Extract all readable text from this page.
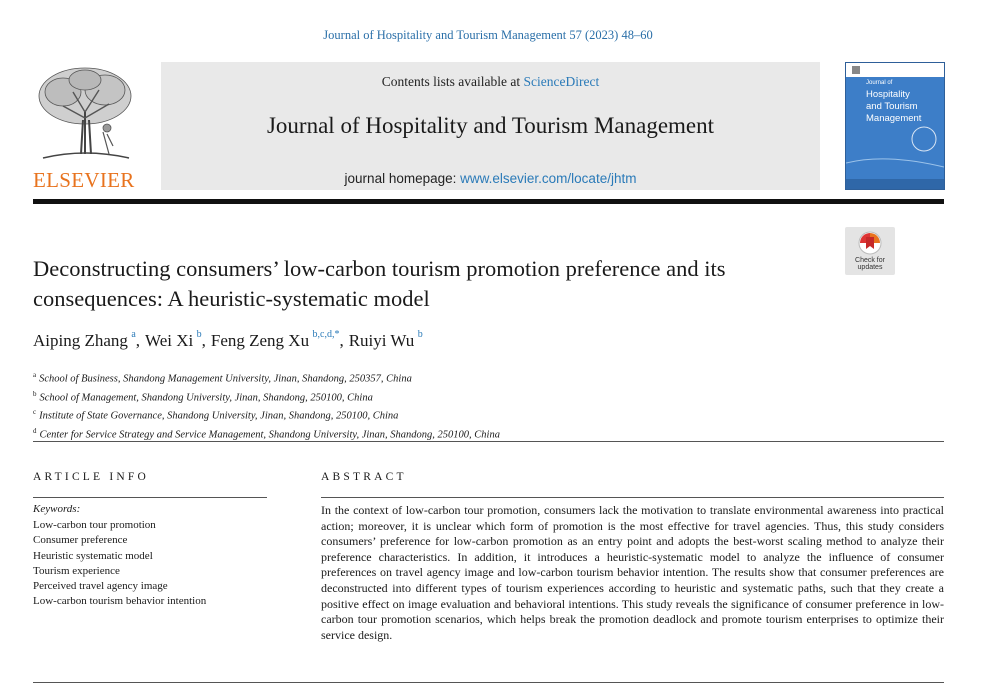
Journal of Hospitality and Tourism Management 57 (2023) 48–60
ELSEVIER
Contents lists available at ScienceDirect
Journal of Hospitality and Tourism Management
journal homepage: www.elsevier.com/locate/jhtm
Journal of
Hospitality
and Tourism
Management
Check for updates
Deconstructing consumers’ low-carbon tourism promotion preference and its consequences: A heuristic-systematic model
Aiping Zhang  $^a$, Wei Xi  $^b$, Feng Zeng Xu  $^{b,c,d,*}$, Ruiyi Wu  $^b$
$^a$ School of Business, Shandong Management University, Jinan, Shandong, 250357, China
$^b$ School of Management, Shandong University, Jinan, Shandong, 250100, China
$^c$ Institute of State Governance, Shandong University, Jinan, Shandong, 250100, China
$^d$ Center for Service Strategy and Service Management, Shandong University, Jinan, Shandong, 250100, China
ARTICLE INFO
Keywords:
Low-carbon tour promotion
Consumer preference
Heuristic systematic model
Tourism experience
Perceived travel agency image
Low-carbon tourism behavior intention
ABSTRACT
In the context of low-carbon tour promotion, consumers lack the motivation to translate environmental awareness into practical action; moreover, it is unclear which form of promotion is the most effective for travel agencies. Thus, this study considers consumers’ preference for low-carbon promotion as an entry point and adopts the best-worst scaling method to analyze their preference characteristics. In addition, it introduces a heuristic-systematic model to analyze the influence of consumer preferences on travel agency image and low-carbon tourism behavior intention. The results show that consumer preferences are deconstructed into different types of tourism experiences according to heuristic and systematic paths, such that they create a positive effect on image evaluation and behavioral intentions. This study reveals the significance of consumer preference in low-carbon tour promotion scenarios, which helps break the promotion deadlock and promote tourism enterprises to optimize their service design.
